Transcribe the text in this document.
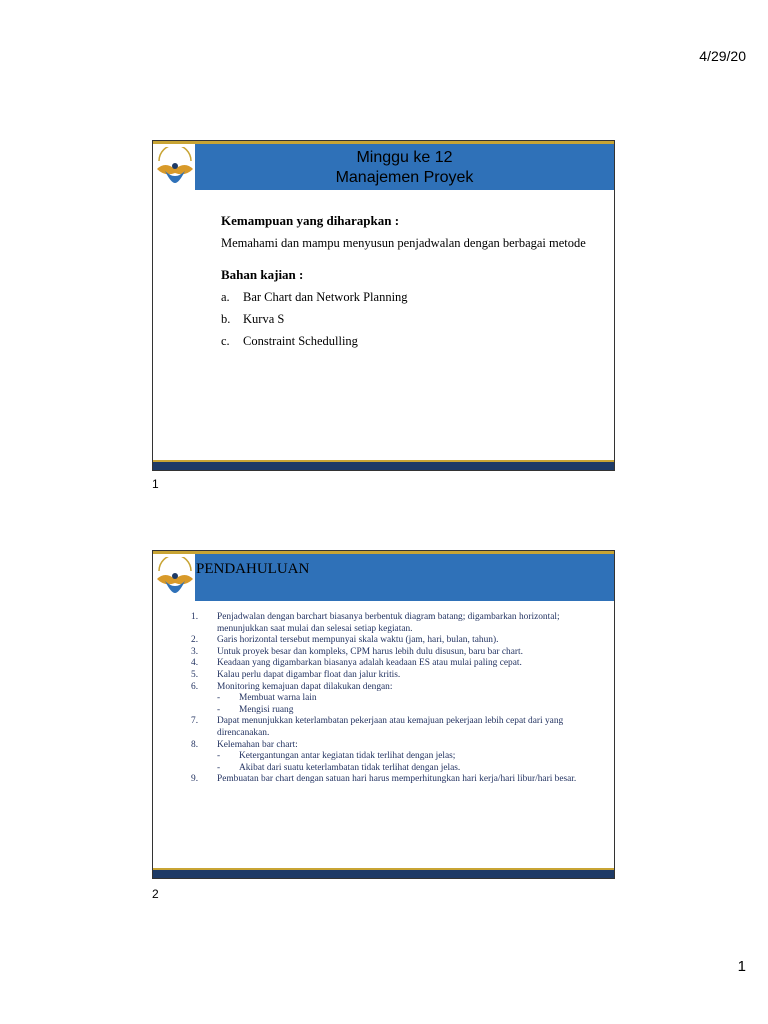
4/29/20
Minggu ke 12
Manajemen Proyek
Kemampuan yang diharapkan :
Memahami dan mampu menyusun penjadwalan dengan berbagai metode
Bahan kajian :
a.	Bar Chart dan Network Planning
b.	Kurva S
c.	Constraint Schedulling
1
PENDAHULUAN
1.	Penjadwalan dengan barchart biasanya berbentuk diagram batang; digambarkan horizontal; menunjukkan saat mulai dan selesai setiap kegiatan.
2.	Garis horizontal tersebut mempunyai skala waktu (jam, hari, bulan, tahun).
3.	Untuk proyek besar dan kompleks, CPM harus lebih dulu disusun, baru bar chart.
4.	Keadaan yang digambarkan biasanya adalah keadaan ES atau mulai paling cepat.
5.	Kalau perlu dapat digambar float dan jalur kritis.
6.	Monitoring kemajuan dapat dilakukan dengan:
-	Membuat warna lain
-	Mengisi ruang
7.	Dapat menunjukkan keterlambatan pekerjaan atau kemajuan pekerjaan lebih cepat dari yang direncanakan.
8.	Kelemahan bar chart:
-	Ketergantungan antar kegiatan tidak terlihat dengan jelas;
-	Akibat dari suatu keterlambatan tidak terlihat dengan jelas.
9.	Pembuatan bar chart dengan satuan hari harus memperhitungkan hari kerja/hari libur/hari besar.
2
1
